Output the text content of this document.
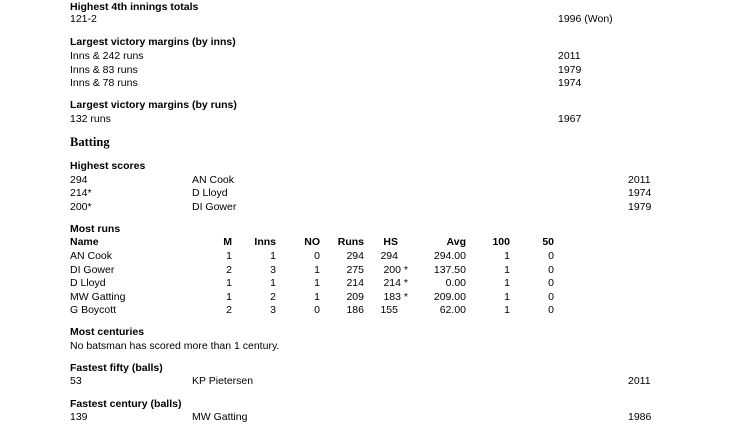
Highest 4th innings totals
121-2	1996 (Won)
Largest victory margins (by inns)
Inns & 242 runs	2011
Inns & 83 runs	1979
Inns & 78 runs	1974
Largest victory margins (by runs)
132 runs	1967
Batting
Highest scores
294	AN Cook	2011
214*	D Lloyd	1974
200*	DI Gower	1979
Most runs
Name	M	Inns	NO	Runs	HS	Avg	100	50
AN Cook	1	1	0	294	294	294.00	1	0
DI Gower	2	3	1	275	200 *	137.50	1	0
D Lloyd	1	1	1	214	214 *	0.00	1	0
MW Gatting	1	2	1	209	183 *	209.00	1	0
G Boycott	2	3	0	186	155	62.00	1	0
Most centuries
No batsman has scored more than 1 century.
Fastest fifty (balls)
53	KP Pietersen	2011
Fastest century (balls)
139	MW Gatting	1986
